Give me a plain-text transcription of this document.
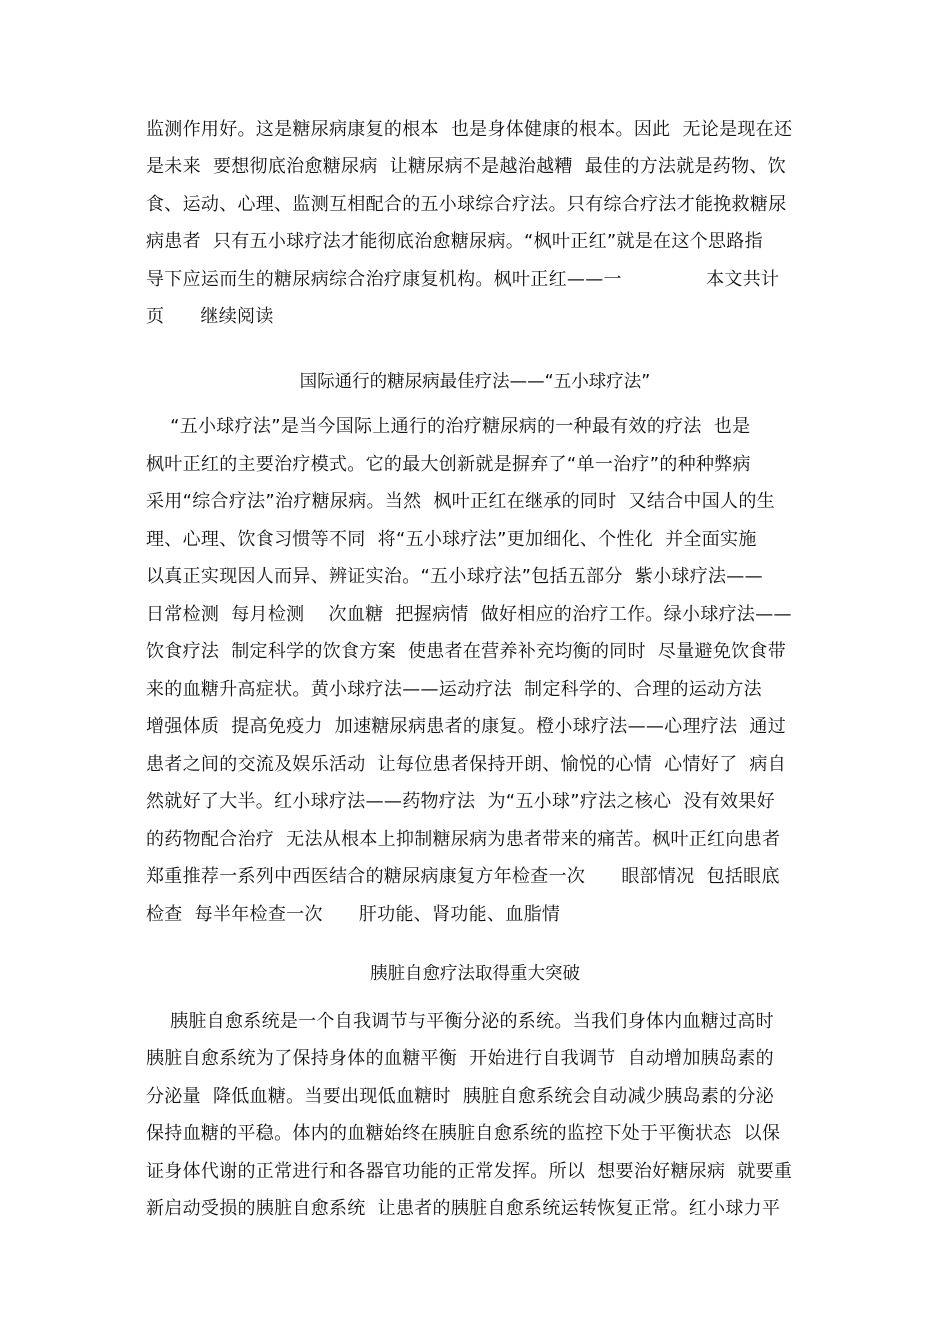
监测作用好。这是糖尿病康复的根本  也是身体健康的根本。因此  无论是现在还
是未来  要想彻底治愈糖尿病  让糖尿病不是越治越糟  最佳的方法就是药物、饮
食、运动、心理、监测互相配合的五小球综合疗法。只有综合疗法才能挽救糖尿
病患者  只有五小球疗法才能彻底治愈糖尿病。“枫叶正红”就是在这个思路指
导下应运而生的糖尿病综合治疗康复机构。枫叶正红——一              本文共计
页      继续阅读
国际通行的糖尿病最佳疗法——“五小球疗法”
“五小球疗法”是当今国际上通行的治疗糖尿病的一种最有效的疗法  也是
枫叶正红的主要治疗模式。它的最大创新就是摒弃了“单一治疗”的种种弊病
采用“综合疗法”治疗糖尿病。当然  枫叶正红在继承的同时  又结合中国人的生
理、心理、饮食习惯等不同  将“五小球疗法”更加细化、个性化  并全面实施
以真正实现因人而异、辨证实治。“五小球疗法”包括五部分  紫小球疗法——
日常检测  每月检测    次血糖  把握病情  做好相应的治疗工作。绿小球疗法——
饮食疗法  制定科学的饮食方案  使患者在营养补充均衡的同时  尽量避免饮食带
来的血糖升高症状。黄小球疗法——运动疗法  制定科学的、合理的运动方法
增强体质  提高免疫力  加速糖尿病患者的康复。橙小球疗法——心理疗法  通过
患者之间的交流及娱乐活动  让每位患者保持开朗、愉悦的心情  心情好了  病自
然就好了大半。红小球疗法——药物疗法  为“五小球”疗法之核心  没有效果好
的药物配合治疗  无法从根本上抑制糖尿病为患者带来的痛苦。枫叶正红向患者
郑重推荐一系列中西医结合的糖尿病康复方年检查一次      眼部情况  包括眼底
检查  每半年检查一次      肝功能、肾功能、血脂情
胰脏自愈疗法取得重大突破
胰脏自愈系统是一个自我调节与平衡分泌的系统。当我们身体内血糖过高时
胰脏自愈系统为了保持身体的血糖平衡  开始进行自我调节  自动增加胰岛素的
分泌量  降低血糖。当要出现低血糖时  胰脏自愈系统会自动减少胰岛素的分泌
保持血糖的平稳。体内的血糖始终在胰脏自愈系统的监控下处于平衡状态  以保
证身体代谢的正常进行和各器官功能的正常发挥。所以  想要治好糖尿病  就要重
新启动受损的胰脏自愈系统  让患者的胰脏自愈系统运转恢复正常。红小球力平
